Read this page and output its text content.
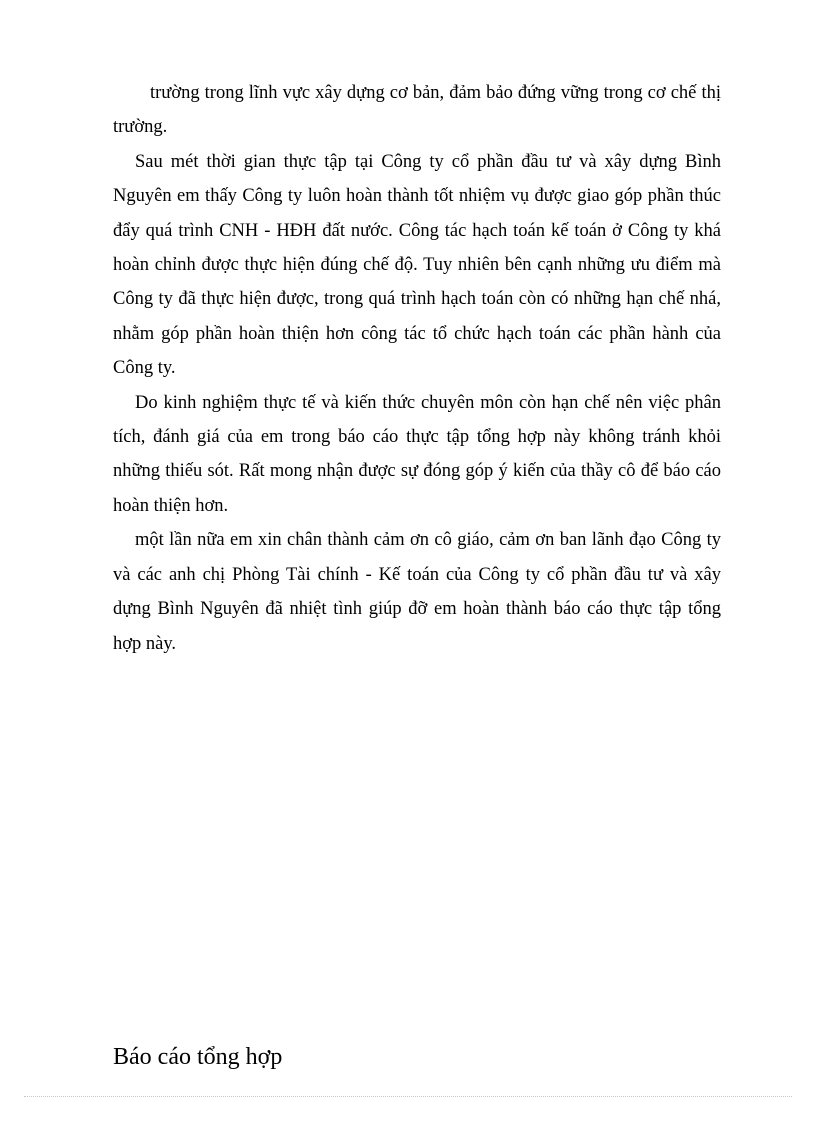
trường trong lĩnh vực xây dựng cơ bản, đảm bảo đứng vững trong cơ chế thị trường.

Sau mét thời gian thực tập tại Công ty cổ phần đầu tư và xây dựng Bình Nguyên em thấy Công ty luôn hoàn thành tốt nhiệm vụ được giao góp phần thúc đẩy quá trình CNH - HĐH đất nước. Công tác hạch toán kế toán ở Công ty khá hoàn chỉnh được thực hiện đúng chế độ. Tuy nhiên bên cạnh những ưu điểm mà Công ty đã thực hiện được, trong quá trình hạch toán còn có những hạn chế nhá, nhằm góp phần hoàn thiện hơn công tác tổ chức hạch toán các phần hành của Công ty.

Do kinh nghiệm thực tế và kiến thức chuyên môn còn hạn chế nên việc phân tích, đánh giá của em trong báo cáo thực tập tổng hợp này không tránh khỏi những thiếu sót. Rất mong nhận được sự đóng góp ý kiến của thầy cô để báo cáo hoàn thiện hơn.

một lần nữa em xin chân thành cảm ơn cô giáo, cảm ơn ban lãnh đạo Công ty và các anh chị Phòng Tài chính - Kế toán của Công ty cổ phần đầu tư và xây dựng Bình Nguyên đã nhiệt tình giúp đỡ em hoàn thành báo cáo thực tập tổng hợp này.

Báo cáo tổng hợp
